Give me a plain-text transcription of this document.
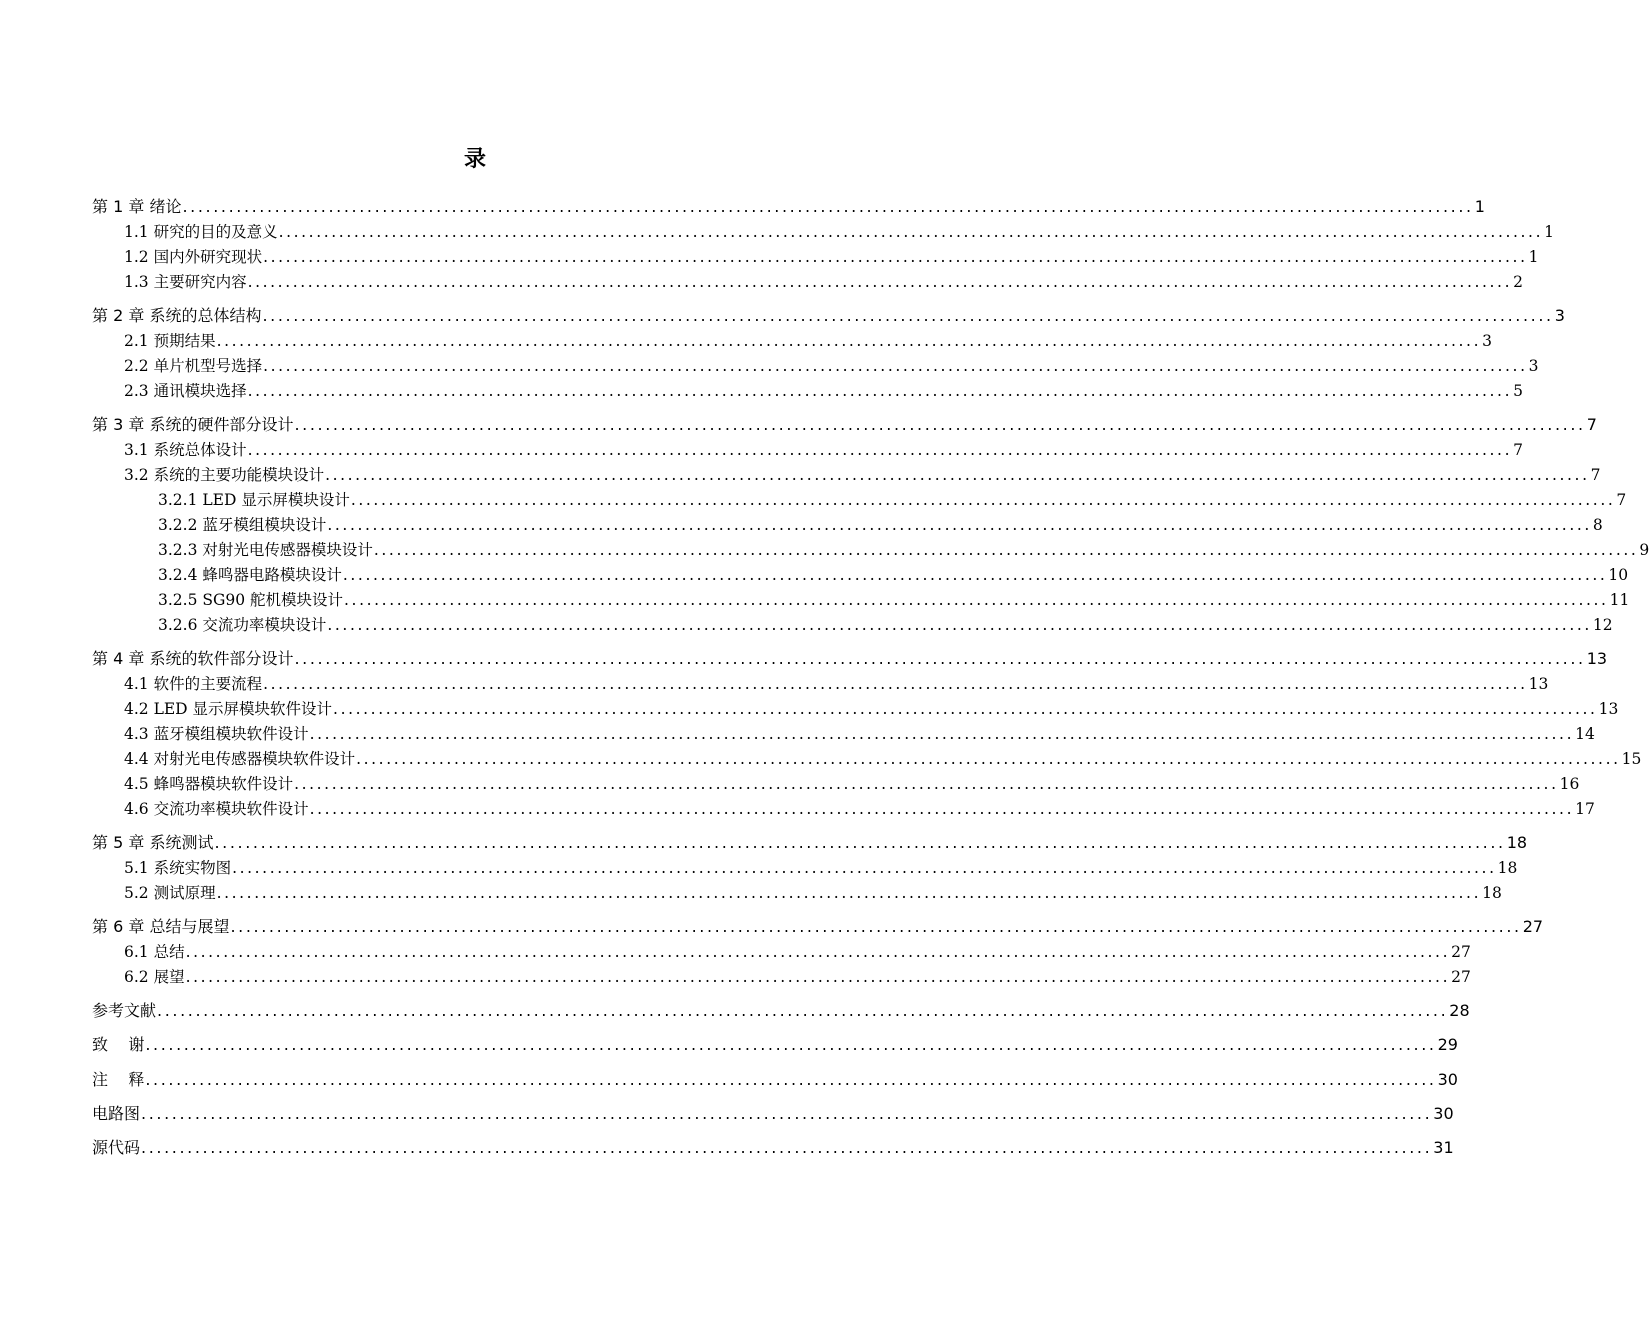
录
第 1 章 绪论 ........................................................................................................................................................................ 1
1.1 研究的目的及意义 ........................................................................................................................................................................ 1
1.2 国内外研究现状 ........................................................................................................................................................................ 1
1.3 主要研究内容 ........................................................................................................................................................................ 2
第 2 章 系统的总体结构 ........................................................................................................................................................................ 3
2.1 预期结果 ........................................................................................................................................................................ 3
2.2 单片机型号选择 ........................................................................................................................................................................ 3
2.3 通讯模块选择 ........................................................................................................................................................................ 5
第 3 章 系统的硬件部分设计 ........................................................................................................................................................................ 7
3.1 系统总体设计 ........................................................................................................................................................................ 7
3.2 系统的主要功能模块设计 ........................................................................................................................................................................ 7
3.2.1 LED 显示屏模块设计 ........................................................................................................................................................................ 7
3.2.2 蓝牙模组模块设计 ........................................................................................................................................................................ 8
3.2.3 对射光电传感器模块设计 ........................................................................................................................................................................ 9
3.2.4 蜂鸣器电路模块设计 ........................................................................................................................................................................ 10
3.2.5 SG90 舵机模块设计 ........................................................................................................................................................................ 11
3.2.6 交流功率模块设计 ........................................................................................................................................................................ 12
第 4 章 系统的软件部分设计 ........................................................................................................................................................................ 13
4.1 软件的主要流程 ........................................................................................................................................................................ 13
4.2 LED 显示屏模块软件设计 ........................................................................................................................................................................ 13
4.3 蓝牙模组模块软件设计 ........................................................................................................................................................................ 14
4.4 对射光电传感器模块软件设计 ........................................................................................................................................................................ 15
4.5 蜂鸣器模块软件设计 ........................................................................................................................................................................ 16
4.6 交流功率模块软件设计 ........................................................................................................................................................................ 17
第 5 章 系统测试 ........................................................................................................................................................................ 18
5.1 系统实物图 ........................................................................................................................................................................ 18
5.2 测试原理 ........................................................................................................................................................................ 18
第 6 章 总结与展望 ........................................................................................................................................................................ 27
6.1 总结 ........................................................................................................................................................................ 27
6.2 展望 ........................................................................................................................................................................ 27
参考文献 ........................................................................................................................................................................ 28
致    谢 ........................................................................................................................................................................ 29
注    释 ........................................................................................................................................................................ 30
电路图 ........................................................................................................................................................................ 30
源代码 ........................................................................................................................................................................ 31
